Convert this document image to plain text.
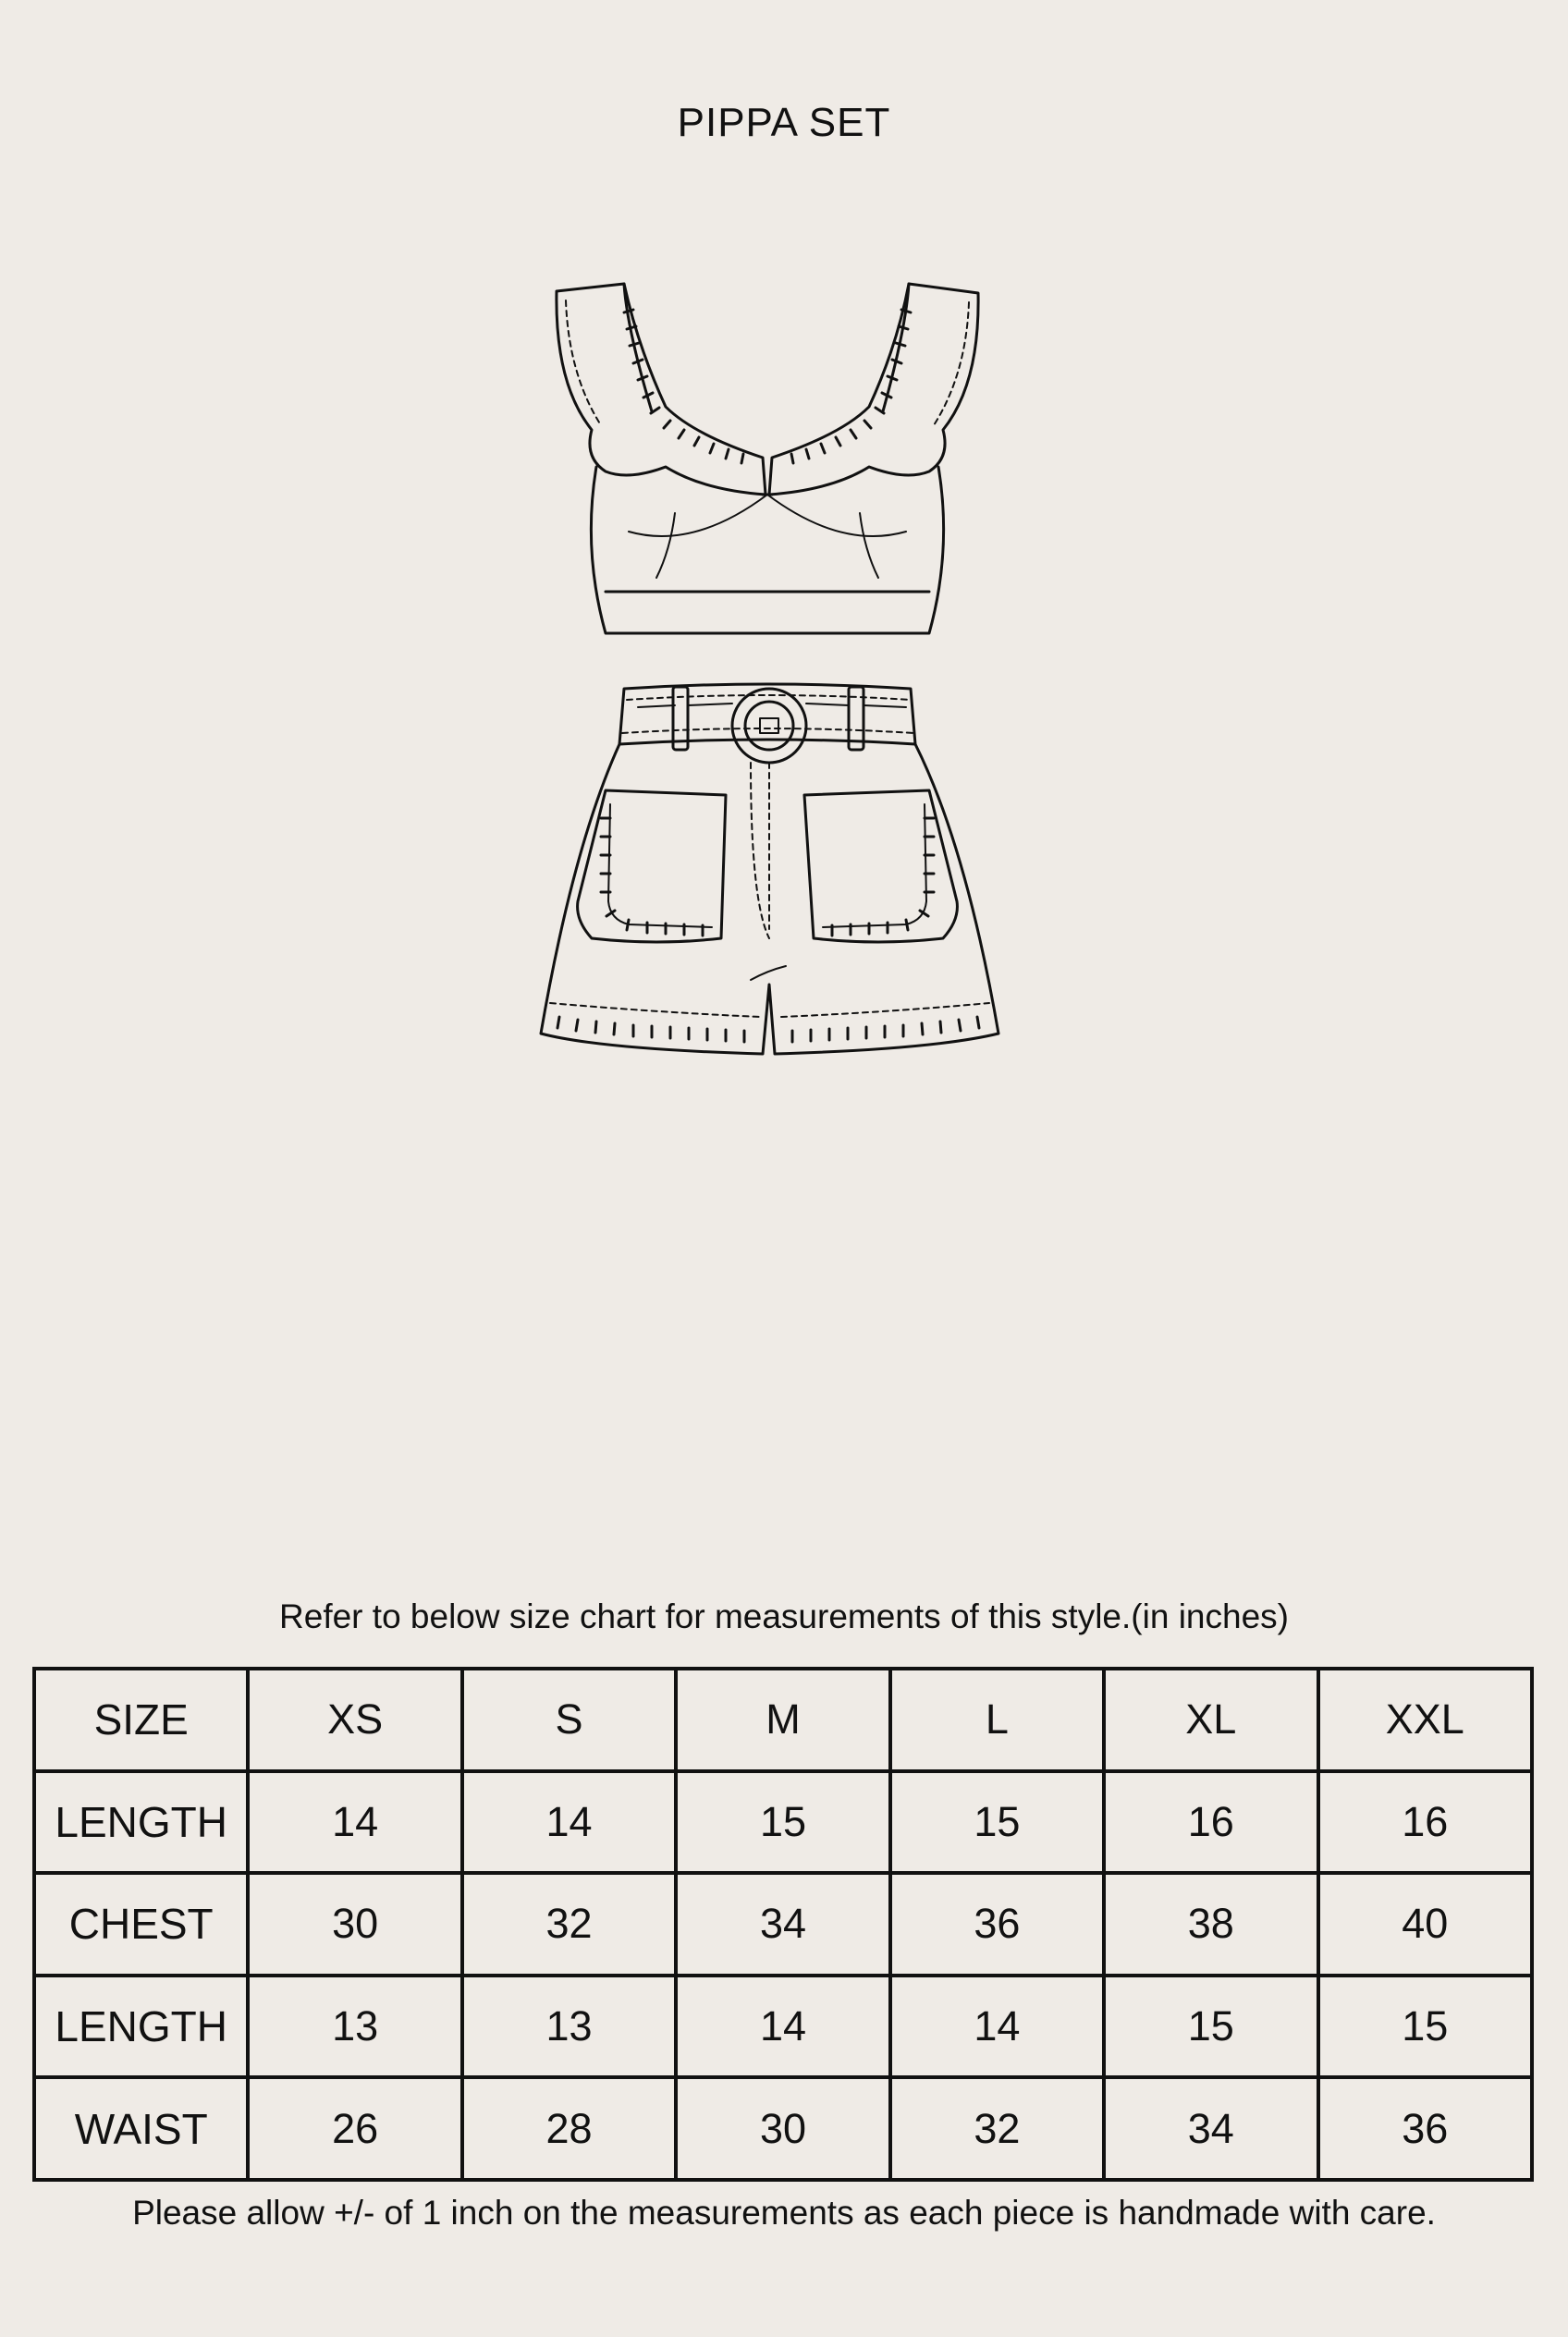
PIPPA SET
Refer to below size chart for measurements of this style.(in inches)
SIZE	XS	S	M	L	XL	XXL
LENGTH	14	14	15	15	16	16
CHEST	30	32	34	36	38	40
LENGTH	13	13	14	14	15	15
WAIST	26	28	30	32	34	36
Please allow +/- of 1 inch on the measurements as each piece is handmade with care.
